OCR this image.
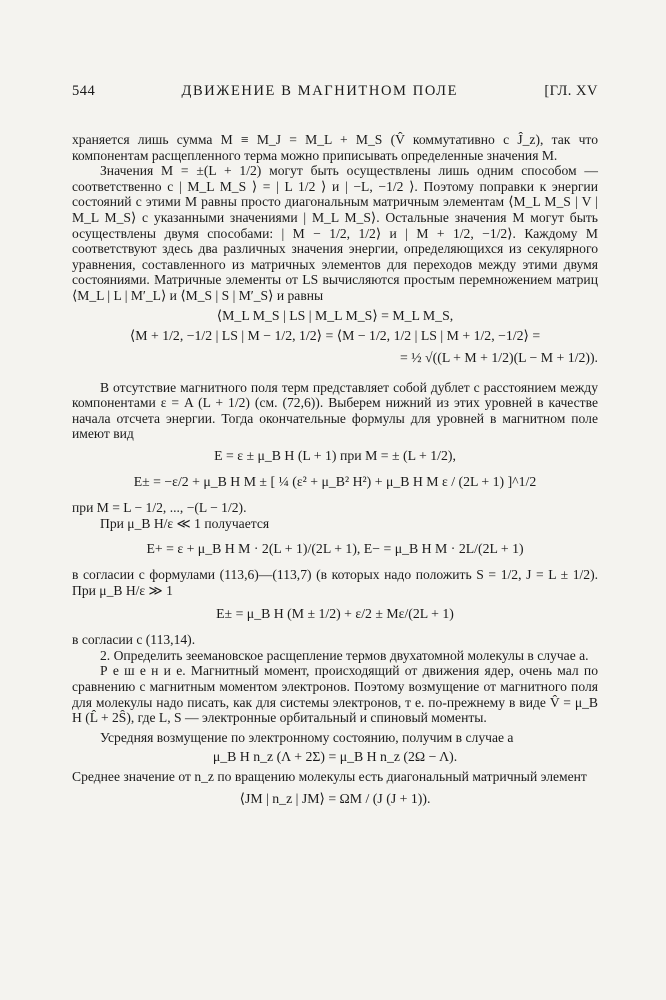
544	ДВИЖЕНИЕ В МАГНИТНОМ ПОЛЕ	[ГЛ. XV

храняется лишь сумма M ≡ M_J = M_L + M_S (V̂ коммутативно с Ĵ_z), так что компонентам расщепленного терма можно приписывать определенные значения M.

Значения M = ±(L + 1/2) могут быть осуществлены лишь одним способом — соответственно с | M_L M_S ⟩ = | L 1/2 ⟩ и | −L, −1/2 ⟩. Поэтому поправки к энергии состояний с этими M равны просто диагональным матричным элементам ⟨M_L M_S | V | M_L M_S⟩ с указанными значениями | M_L M_S⟩. Остальные значения M могут быть осуществлены двумя способами: | M − 1/2, 1/2⟩ и | M + 1/2, −1/2⟩. Каждому M соответствуют здесь два различных значения энергии, определяющихся из секулярного уравнения, составленного из матричных элементов для переходов между этими двумя состояниями. Матричные элементы от LS вычисляются простым перемножением матриц ⟨M_L | L | M′_L⟩ и ⟨M_S | S | M′_S⟩ и равны

⟨M_L M_S | LS | M_L M_S⟩ = M_L M_S,
⟨M + 1/2, −1/2 | LS | M − 1/2, 1/2⟩ = ⟨M − 1/2, 1/2 | LS | M + 1/2, −1/2⟩ =
= ½ √((L + M + 1/2)(L − M + 1/2)).

В отсутствие магнитного поля терм представляет собой дублет с расстоянием между компонентами ε = A (L + 1/2) (см. (72,6)). Выберем нижний из этих уровней в качестве начала отсчета энергии. Тогда окончательные формулы для уровней в магнитном поле имеют вид

E = ε ± μ_B H (L + 1) при M = ± (L + 1/2),
E± = −ε/2 + μ_B H M ± [ ¼ (ε² + μ_B² H²) + μ_B H M ε / (2L + 1) ]^1/2

при M = L − 1/2, ..., −(L − 1/2).

При μ_B H/ε ≪ 1 получается

E+ = ε + μ_B H M · 2(L + 1)/(2L + 1), E− = μ_B H M · 2L/(2L + 1)

в согласии с формулами (113,6)—(113,7) (в которых надо положить S = 1/2, J = L ± 1/2). При μ_B H/ε ≫ 1

E± = μ_B H (M ± 1/2) + ε/2 ± Mε/(2L + 1)

в согласии с (113,14).

2. Определить зеемановское расщепление термов двухатомной молекулы в случае a.

Р е ш е н и е. Магнитный момент, происходящий от движения ядер, очень мал по сравнению с магнитным моментом электронов. Поэтому возмущение от магнитного поля для молекулы надо писать, как для системы электронов, т е. по-прежнему в виде V̂ = μ_B H (L̂ + 2Ŝ), где L, S — электронные орбитальный и спиновый моменты.

Усредняя возмущение по электронному состоянию, получим в случае a

μ_B H n_z (Λ + 2Σ) = μ_B H n_z (2Ω − Λ).

Среднее значение от n_z по вращению молекулы есть диагональный матричный элемент

⟨JM | n_z | JM⟩ = ΩM / (J (J + 1)).
